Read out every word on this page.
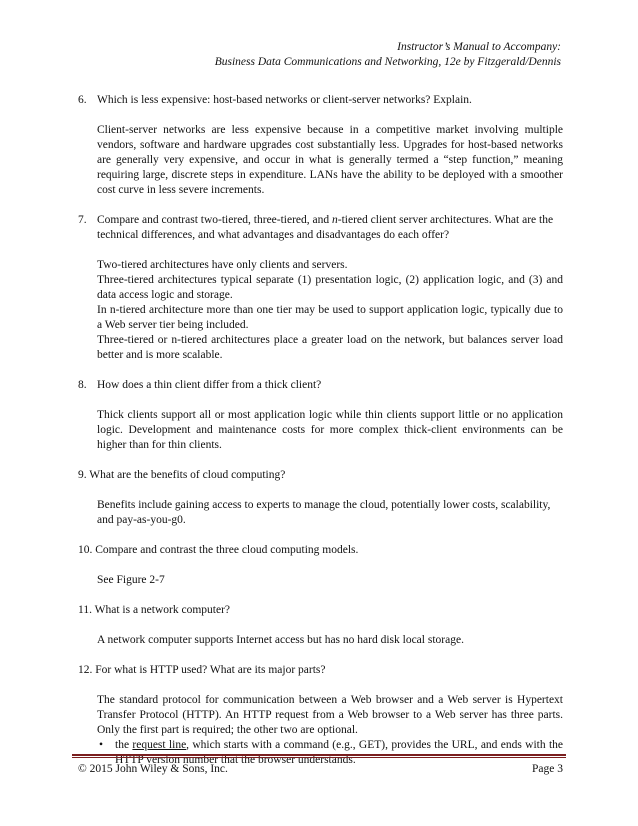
Instructor’s Manual to Accompany:
Business Data Communications and Networking, 12e by Fitzgerald/Dennis

6. Which is less expensive: host-based networks or client-server networks? Explain.

Client-server networks are less expensive because in a competitive market involving multiple vendors, software and hardware upgrades cost substantially less. Upgrades for host-based networks are generally very expensive, and occur in what is generally termed a “step function,” meaning requiring large, discrete steps in expenditure. LANs have the ability to be deployed with a smoother cost curve in less severe increments.

7. Compare and contrast two-tiered, three-tiered, and n-tiered client server architectures. What are the technical differences, and what advantages and disadvantages do each offer?

Two-tiered architectures have only clients and servers.

Three-tiered architectures typical separate (1) presentation logic, (2) application logic, and (3) and data access logic and storage.

In n-tiered architecture more than one tier may be used to support application logic, typically due to a Web server tier being included.

Three-tiered or n-tiered architectures place a greater load on the network, but balances server load better and is more scalable.

8. How does a thin client differ from a thick client?

Thick clients support all or most application logic while thin clients support little or no application logic. Development and maintenance costs for more complex thick-client environments can be higher than for thin clients.

9. What are the benefits of cloud computing?

Benefits include gaining access to experts to manage the cloud, potentially lower costs, scalability, and pay-as-you-g0.

10. Compare and contrast the three cloud computing models.

See Figure 2-7

11. What is a network computer?

A network computer supports Internet access but has no hard disk local storage.

12. For what is HTTP used? What are its major parts?

The standard protocol for communication between a Web browser and a Web server is Hypertext Transfer Protocol (HTTP). An HTTP request from a Web browser to a Web server has three parts. Only the first part is required; the other two are optional.

• the request line, which starts with a command (e.g., GET), provides the URL, and ends with the HTTP version number that the browser understands.

© 2015 John Wiley & Sons, Inc.	Page 3
